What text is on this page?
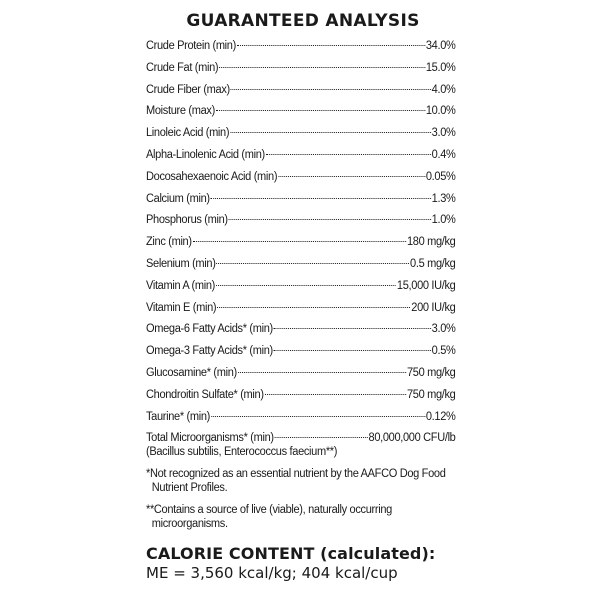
GUARANTEED ANALYSIS
Crude Protein (min)	34.0%
Crude Fat (min)	15.0%
Crude Fiber (max)	4.0%
Moisture (max)	10.0%
Linoleic Acid (min)	3.0%
Alpha-Linolenic Acid (min)	0.4%
Docosahexaenoic Acid (min)	0.05%
Calcium (min)	1.3%
Phosphorus (min)	1.0%
Zinc (min)	180 mg/kg
Selenium (min)	0.5 mg/kg
Vitamin A (min)	15,000 IU/kg
Vitamin E (min)	200 IU/kg
Omega-6 Fatty Acids* (min)	3.0%
Omega-3 Fatty Acids* (min)	0.5%
Glucosamine* (min)	750 mg/kg
Chondroitin Sulfate* (min)	750 mg/kg
Taurine* (min)	0.12%
Total Microorganisms* (min)	80,000,000 CFU/lb
(Bacillus subtilis, Enterococcus faecium**)
*Not recognized as an essential nutrient by the AAFCO Dog Food
Nutrient Profiles.
**Contains a source of live (viable), naturally occurring
microorganisms.
CALORIE CONTENT (calculated):
ME = 3,560 kcal/kg; 404 kcal/cup
